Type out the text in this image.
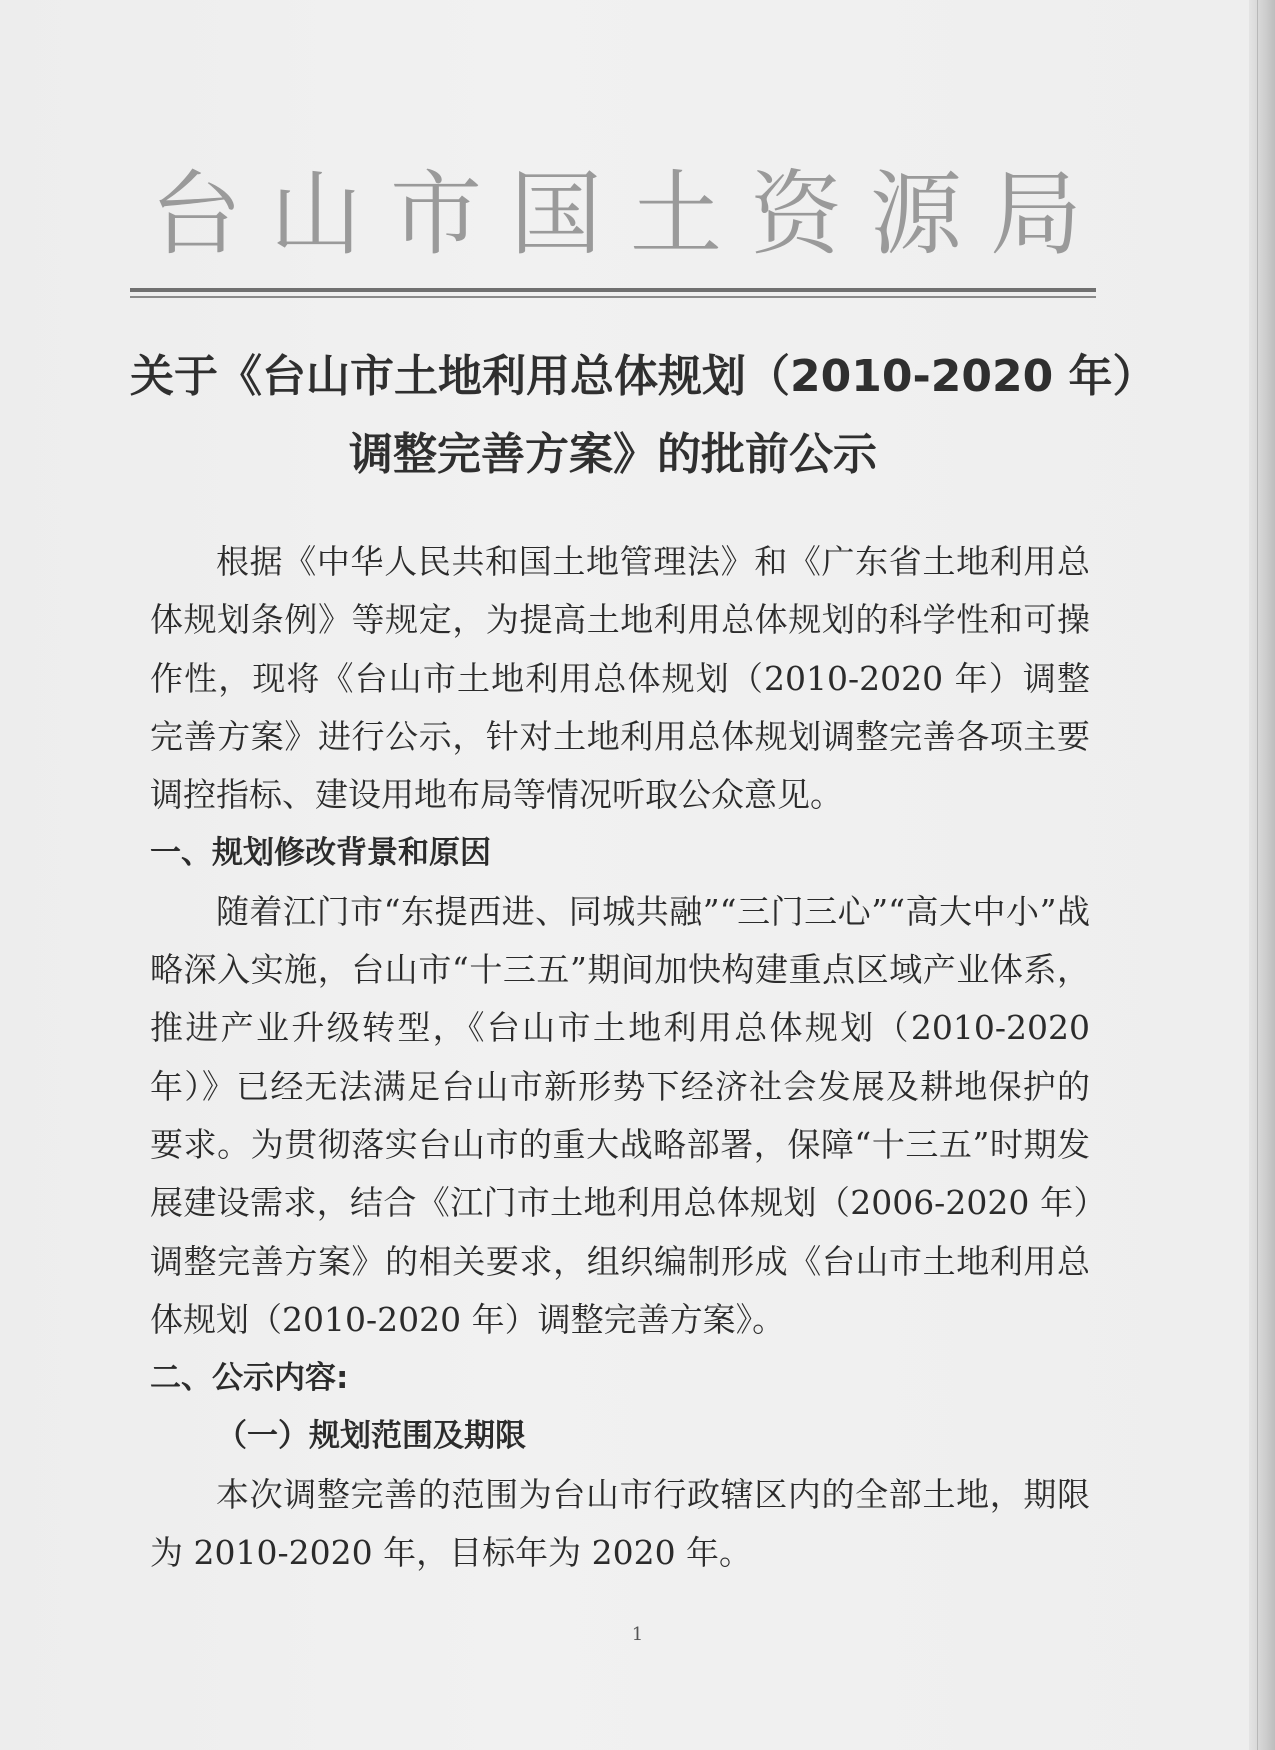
台山市国土资源局
关于《台山市土地利用总体规划（2010-2020 年）
调整完善方案》的批前公示

根据《中华人民共和国土地管理法》和《广东省土地利用总体规划条例》等规定，为提高土地利用总体规划的科学性和可操作性，现将《台山市土地利用总体规划（2010-2020 年）调整完善方案》进行公示，针对土地利用总体规划调整完善各项主要调控指标、建设用地布局等情况听取公众意见。

一、规划修改背景和原因

随着江门市“东提西进、同城共融”“三门三心”“高大中小”战略深入实施，台山市“十三五”期间加快构建重点区域产业体系，推进产业升级转型，《台山市土地利用总体规划（2010-2020 年）》已经无法满足台山市新形势下经济社会发展及耕地保护的要求。为贯彻落实台山市的重大战略部署，保障“十三五”时期发展建设需求，结合《江门市土地利用总体规划（2006-2020 年）调整完善方案》的相关要求，组织编制形成《台山市土地利用总体规划（2010-2020 年）调整完善方案》。

二、公示内容:
（一）规划范围及期限

本次调整完善的范围为台山市行政辖区内的全部土地，期限为 2010-2020 年，目标年为 2020 年。

1
